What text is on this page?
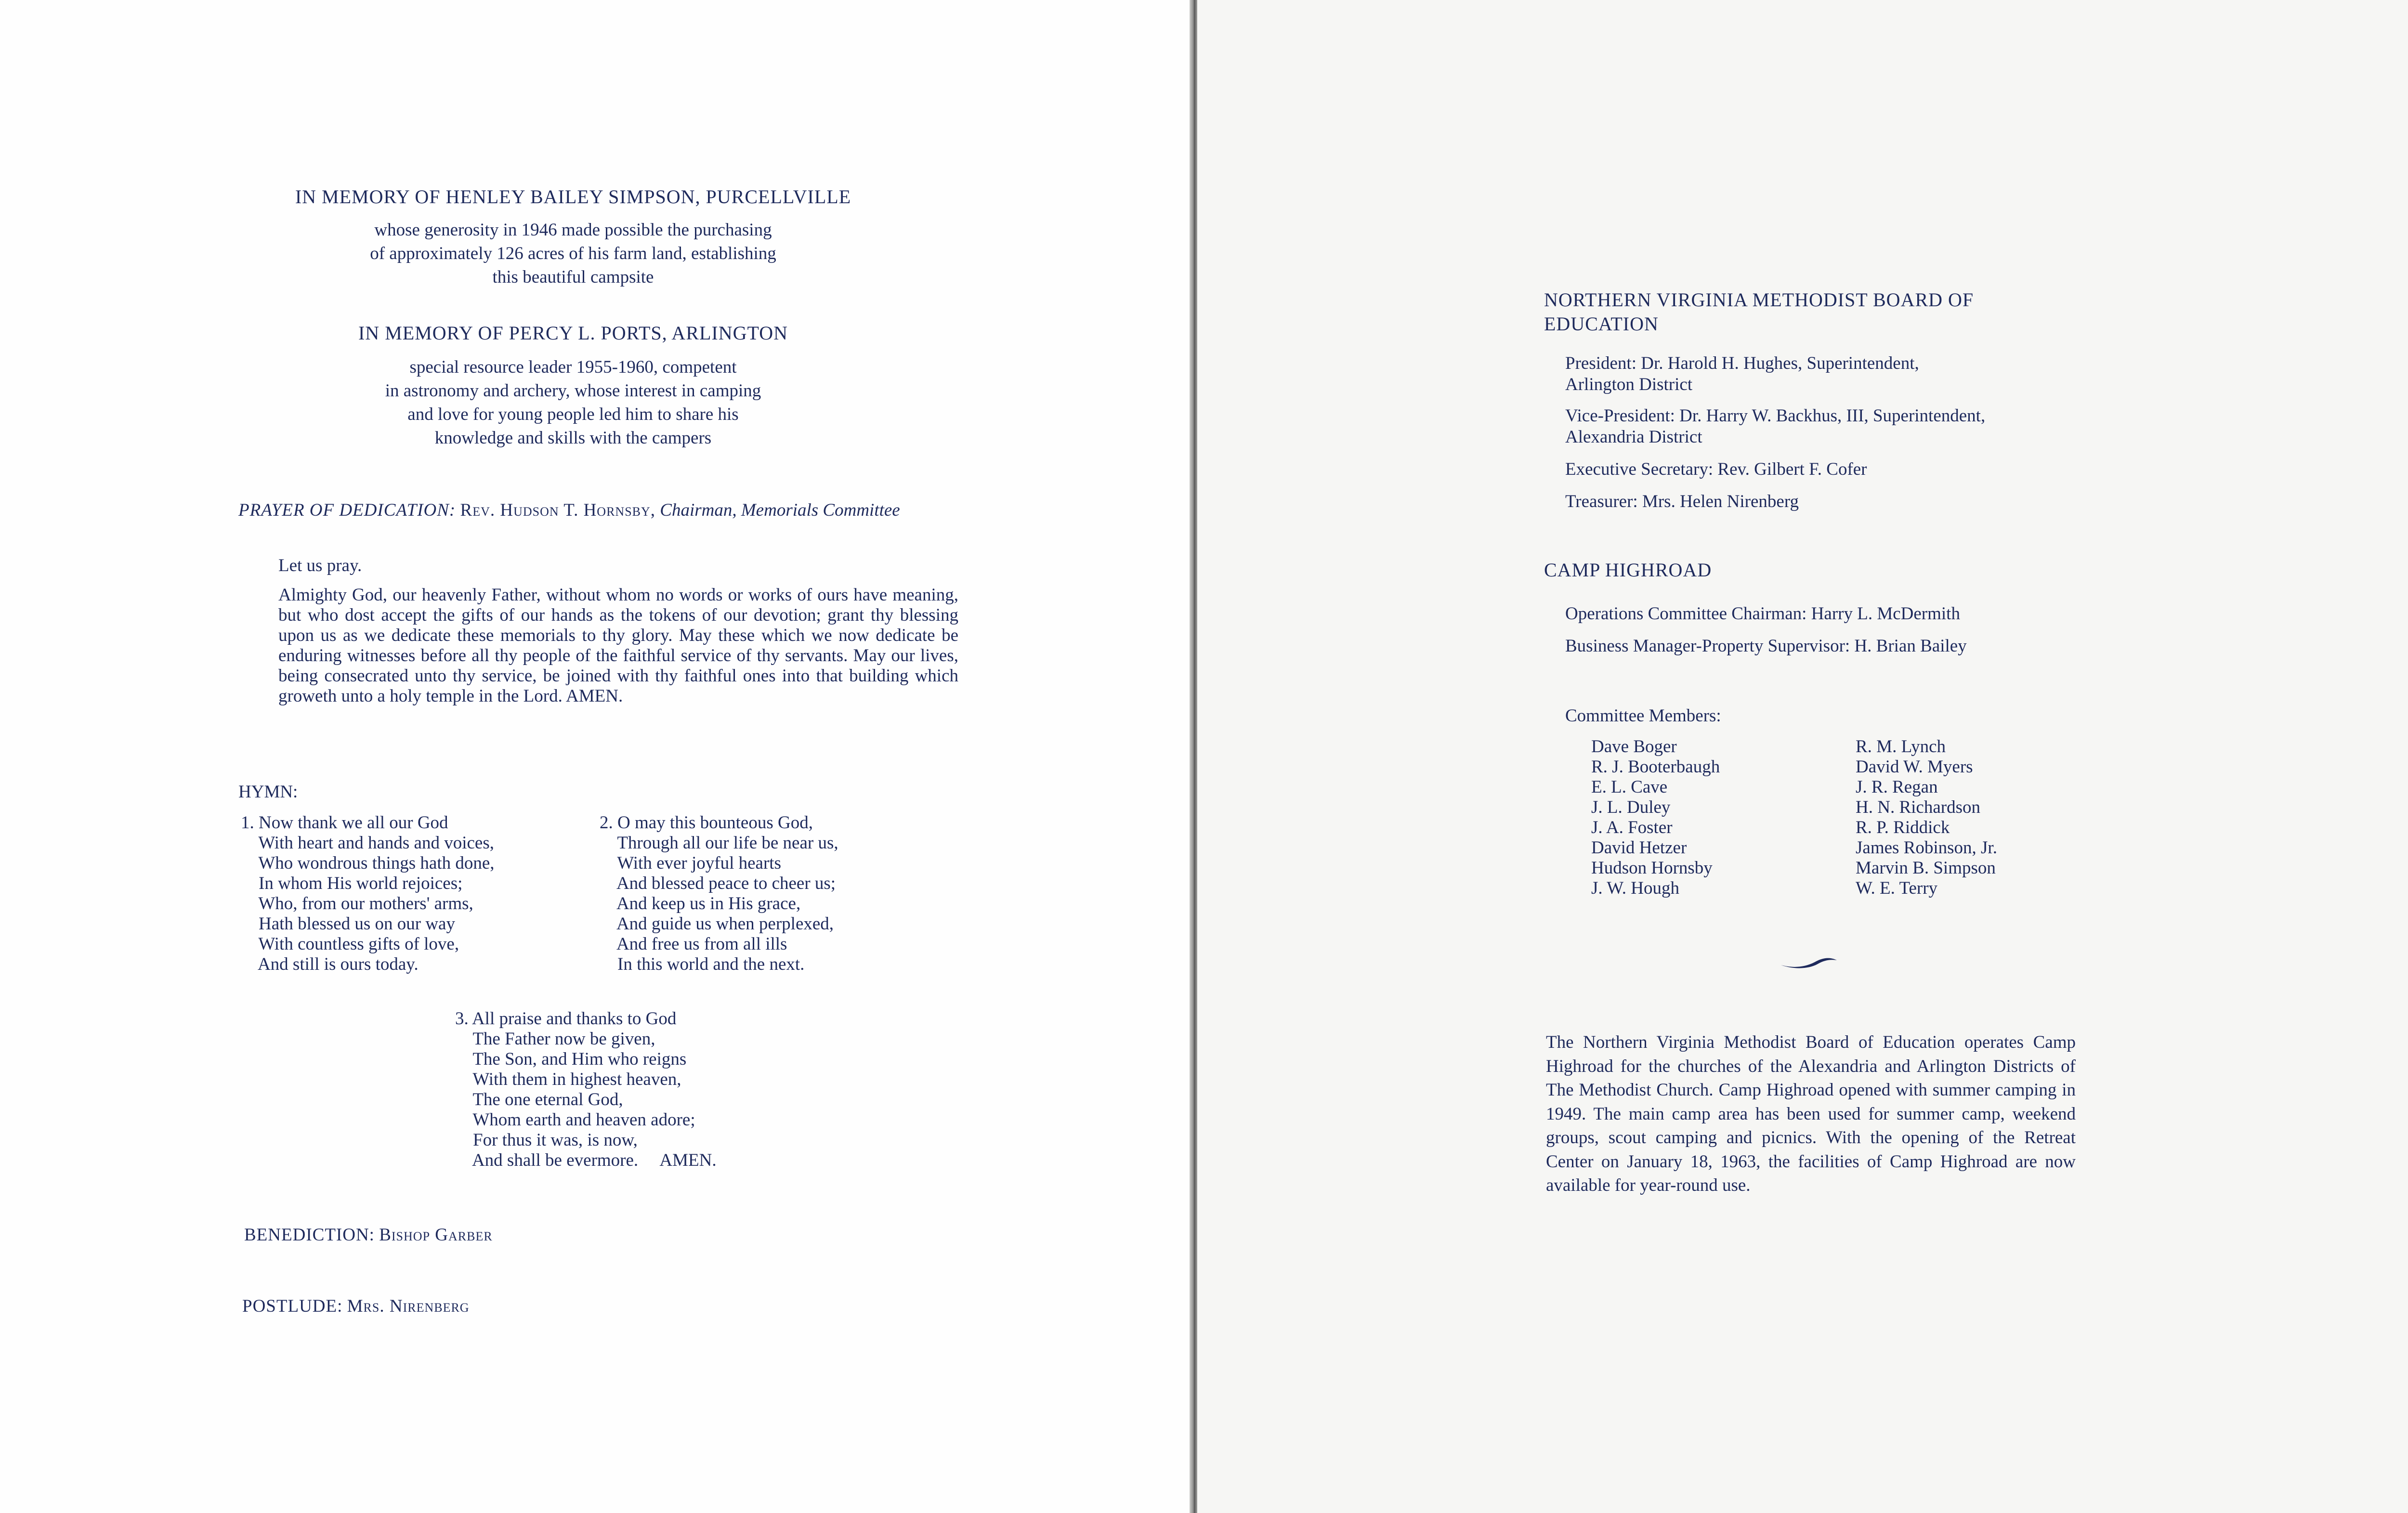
IN MEMORY OF HENLEY BAILEY SIMPSON, PURCELLVILLE

whose generosity in 1946 made possible the purchasing
of approximately 126 acres of his farm land, establishing
this beautiful campsite

IN MEMORY OF PERCY L. PORTS, ARLINGTON

special resource leader 1955-1960, competent
in astronomy and archery, whose interest in camping
and love for young people led him to share his
knowledge and skills with the campers

PRAYER OF DEDICATION: Rev. Hudson T. Hornsby, Chairman, Memorials Committee

Let us pray.

Almighty God, our heavenly Father, without whom no words or works of ours have meaning, but who dost accept the gifts of our hands as the tokens of our devotion; grant thy blessing upon us as we dedicate these memorials to thy glory. May these which we now dedicate be enduring witnesses before all thy people of the faithful service of thy servants. May our lives, being consecrated unto thy service, be joined with thy faithful ones into that building which groweth unto a holy temple in the Lord. AMEN.

HYMN:

1. Now thank we all our God
With heart and hands and voices,
Who wondrous things hath done,
In whom His world rejoices;
Who, from our mothers' arms,
Hath blessed us on our way
With countless gifts of love,
And still is ours today.

2. O may this bounteous God,
Through all our life be near us,
With ever joyful hearts
And blessed peace to cheer us;
And keep us in His grace,
And guide us when perplexed,
And free us from all ills
In this world and the next.

3. All praise and thanks to God
The Father now be given,
The Son, and Him who reigns
With them in highest heaven,
The one eternal God,
Whom earth and heaven adore;
For thus it was, is now,
And shall be evermore.     AMEN.

BENEDICTION: Bishop Garber
POSTLUDE: Mrs. Nirenberg

NORTHERN VIRGINIA METHODIST BOARD OF EDUCATION

President: Dr. Harold H. Hughes, Superintendent,
Arlington District

Vice-President: Dr. Harry W. Backhus, III, Superintendent,
Alexandria District

Executive Secretary: Rev. Gilbert F. Cofer

Treasurer: Mrs. Helen Nirenberg

CAMP HIGHROAD

Operations Committee Chairman: Harry L. McDermith

Business Manager-Property Supervisor: H. Brian Bailey

Committee Members:

Dave Boger
R. J. Booterbaugh
E. L. Cave
J. L. Duley
J. A. Foster
David Hetzer
Hudson Hornsby
J. W. Hough
R. M. Lynch
David W. Myers
J. R. Regan
H. N. Richardson
R. P. Riddick
James Robinson, Jr.
Marvin B. Simpson
W. E. Terry

The Northern Virginia Methodist Board of Education operates Camp Highroad for the churches of the Alexandria and Arlington Districts of The Methodist Church. Camp Highroad opened with summer camping in 1949. The main camp area has been used for summer camp, weekend groups, scout camping and picnics. With the opening of the Retreat Center on January 18, 1963, the facilities of Camp Highroad are now available for year-round use.
